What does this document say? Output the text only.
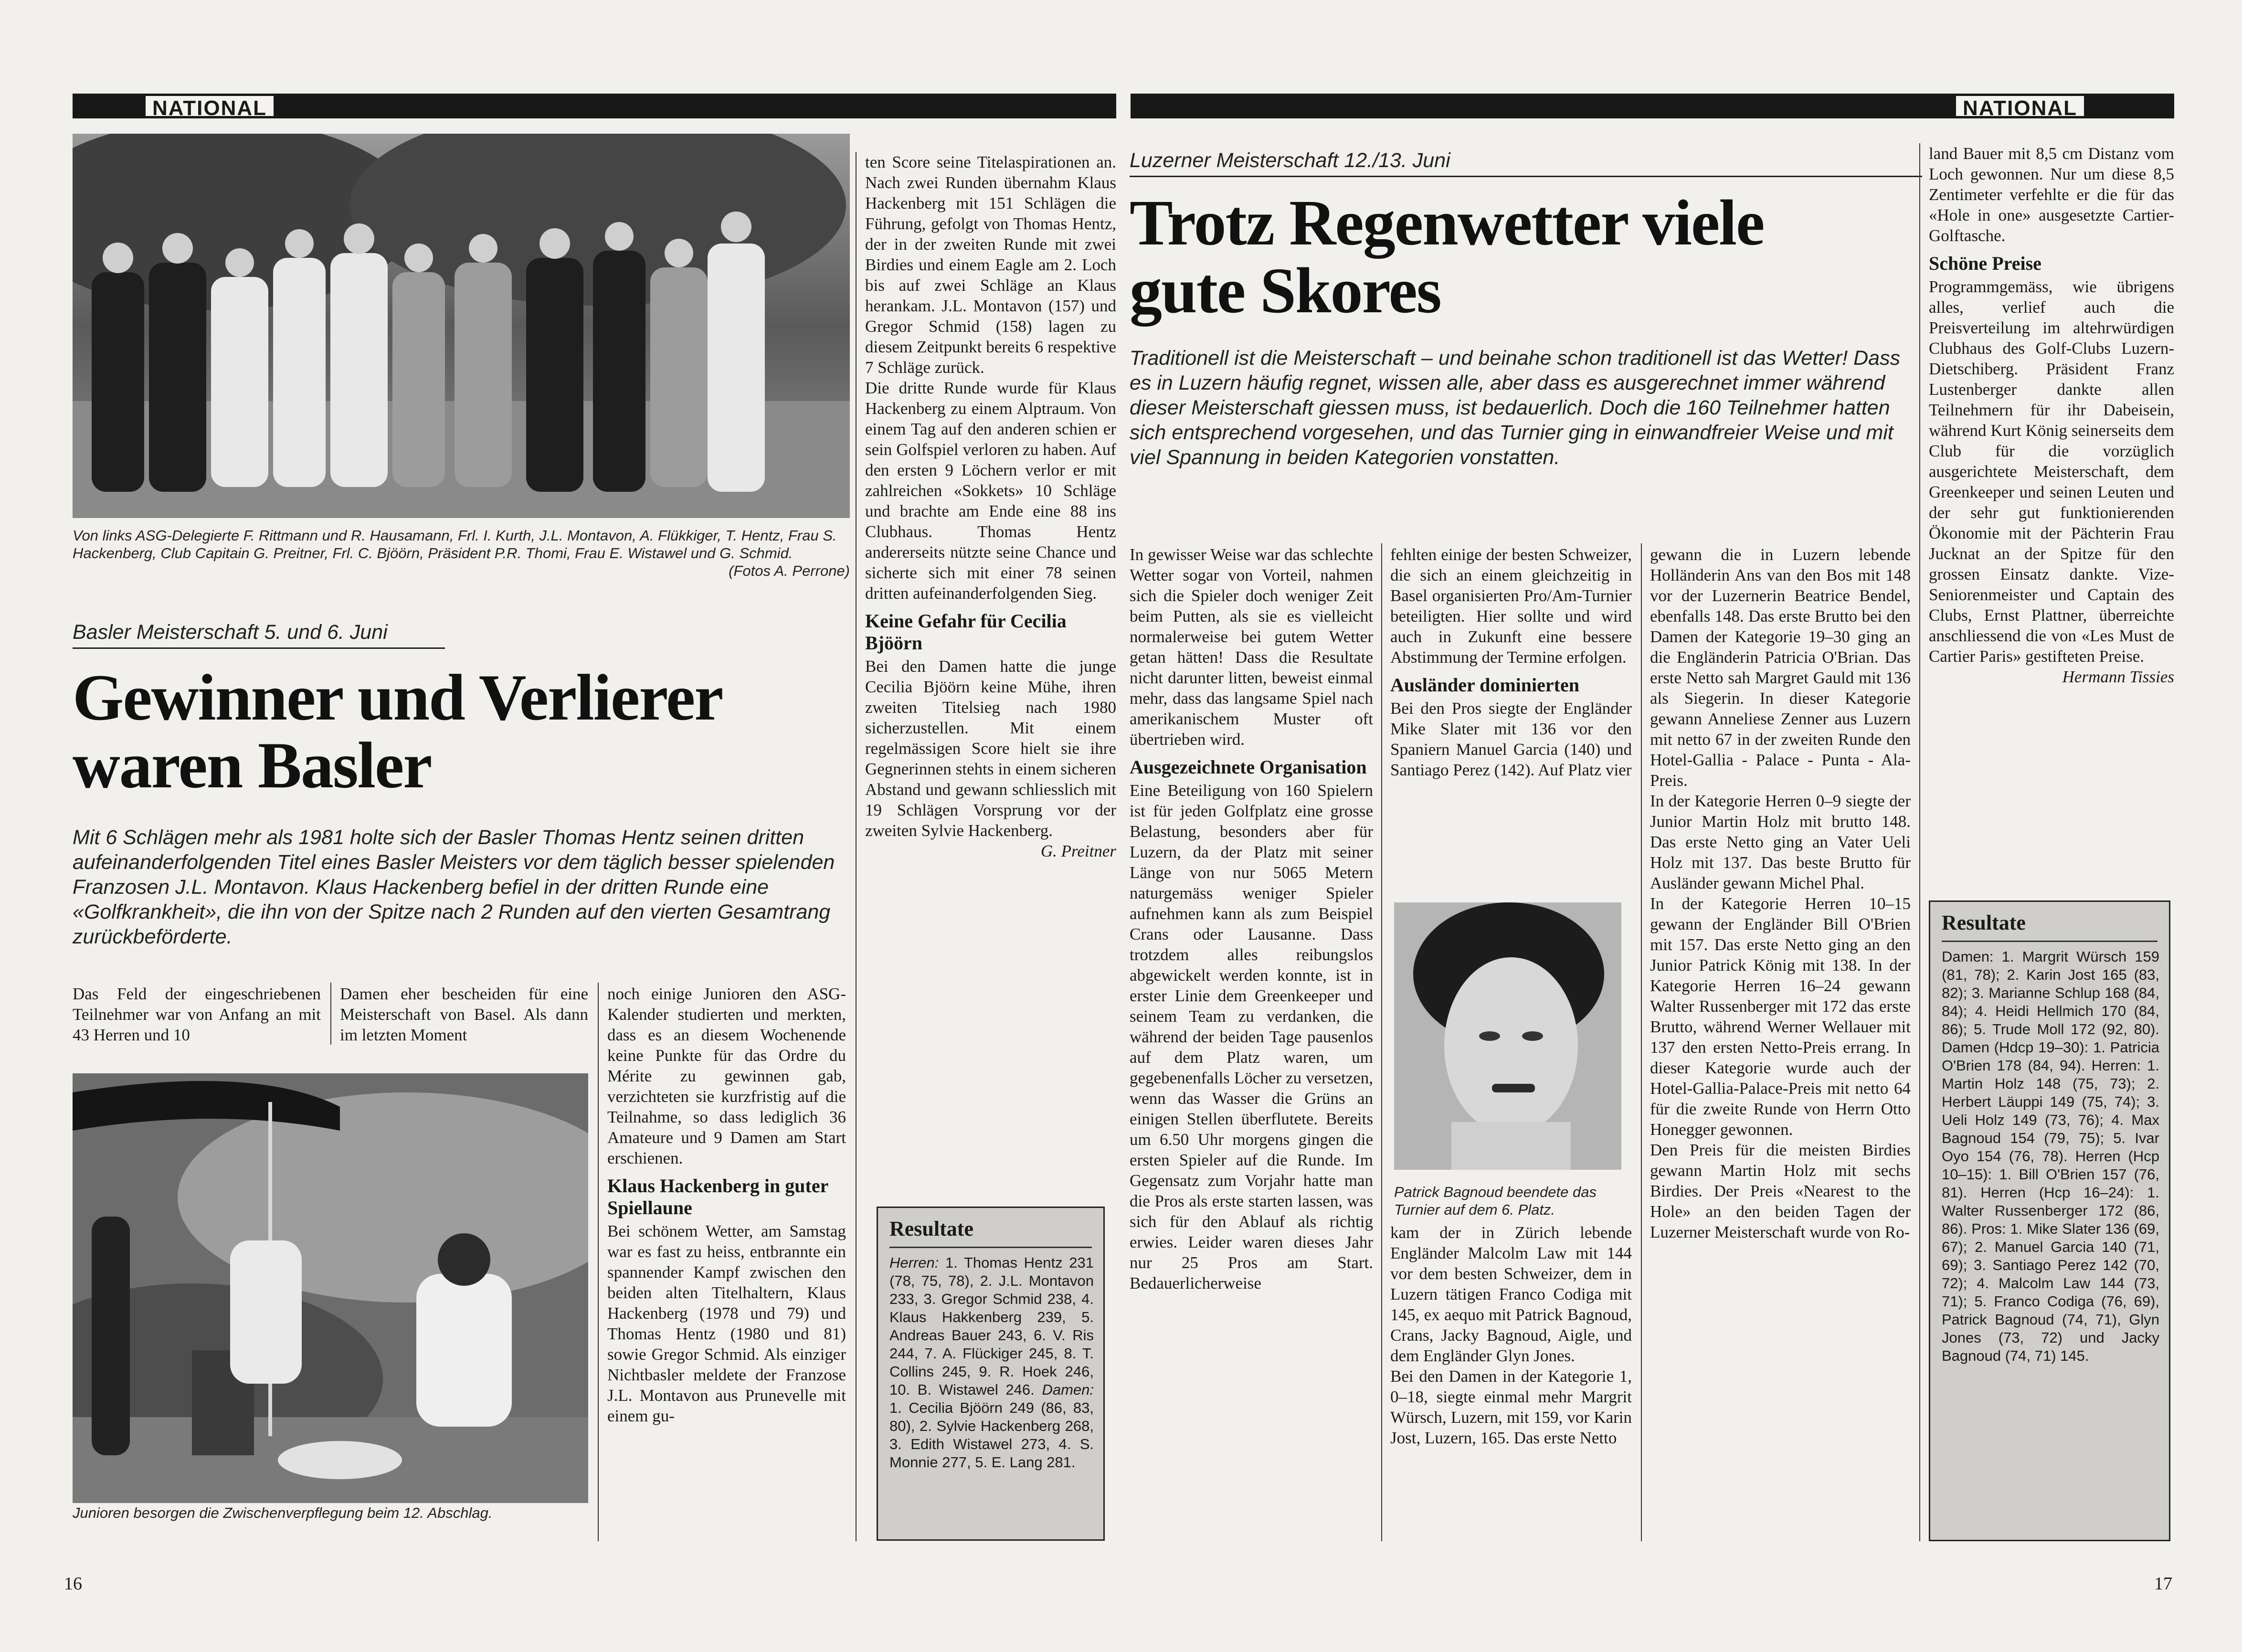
NATIONAL	NATIONAL
Von links ASG-Delegierte F. Rittmann und R. Hausamann, Frl. I. Kurth, J.L. Montavon, A. Flükkiger, T. Hentz, Frau S. Hackenberg, Club Capitain G. Preitner, Frl. C. Bjöörn, Präsident P.R. Thomi, Frau E. Wistawel und G. Schmid.
(Fotos A. Perrone)
Basler Meisterschaft 5. und 6. Juni
Gewinner und Verlierer
waren Basler
Mit 6 Schlägen mehr als 1981 holte sich der Basler Thomas Hentz seinen dritten aufeinanderfolgenden Titel eines Basler Meisters vor dem täglich besser spielenden Franzosen J.L. Montavon. Klaus Hackenberg befiel in der dritten Runde eine «Golfkrankheit», die ihn von der Spitze nach 2 Runden auf den vierten Gesamtrang zurückbeförderte.
Das Feld der eingeschriebenen Teilnehmer war von Anfang an mit 43 Herren und 10
Damen eher bescheiden für eine Meisterschaft von Basel. Als dann im letzten Moment
Junioren besorgen die Zwischenverpflegung beim 12. Abschlag.

noch einige Junioren den ASG-Kalender studierten und merkten, dass es an diesem Wochenende keine Punkte für das Ordre du Mérite zu gewinnen gab, verzichteten sie kurzfristig auf die Teilnahme, so dass lediglich 36 Amateure und 9 Damen am Start erschienen.

Klaus Hackenberg in guter Spiellaune

Bei schönem Wetter, am Samstag war es fast zu heiss, entbrannte ein spannender Kampf zwischen den beiden alten Titelhaltern, Klaus Hackenberg (1978 und 79) und Thomas Hentz (1980 und 81) sowie Gregor Schmid. Als einziger Nichtbasler meldete der Franzose J.L. Montavon aus Prunevelle mit einem gu-

ten Score seine Titelaspirationen an. Nach zwei Runden übernahm Klaus Hackenberg mit 151 Schlägen die Führung, gefolgt von Thomas Hentz, der in der zweiten Runde mit zwei Birdies und einem Eagle am 2. Loch bis auf zwei Schläge an Klaus herankam. J.L. Montavon (157) und Gregor Schmid (158) lagen zu diesem Zeitpunkt bereits 6 respektive 7 Schläge zurück.

Die dritte Runde wurde für Klaus Hackenberg zu einem Alptraum. Von einem Tag auf den anderen schien er sein Golfspiel verloren zu haben. Auf den ersten 9 Löchern verlor er mit zahlreichen «Sokkets» 10 Schläge und brachte am Ende eine 88 ins Clubhaus. Thomas Hentz andererseits nützte seine Chance und sicherte sich mit einer 78 seinen dritten aufeinanderfolgenden Sieg.

Keine Gefahr für Cecilia Bjöörn

Bei den Damen hatte die junge Cecilia Bjöörn keine Mühe, ihren zweiten Titelsieg nach 1980 sicherzustellen. Mit einem regelmässigen Score hielt sie ihre Gegnerinnen stehts in einem sicheren Abstand und gewann schliesslich mit 19 Schlägen Vorsprung vor der zweiten Sylvie Hackenberg.

G. Preitner

Resultate
Herren: 1. Thomas Hentz 231 (78, 75, 78), 2. J.L. Montavon 233, 3. Gregor Schmid 238, 4. Klaus Hakkenberg 239, 5. Andreas Bauer 243, 6. V. Ris 244, 7. A. Flückiger 245, 8. T. Collins 245, 9. R. Hoek 246, 10. B. Wistawel 246. Damen: 1. Cecilia Bjöörn 249 (86, 83, 80), 2. Sylvie Hackenberg 268, 3. Edith Wistawel 273, 4. S. Monnie 277, 5. E. Lang 281.
16
Luzerner Meisterschaft 12./13. Juni
Trotz Regenwetter viele
gute Skores
Traditionell ist die Meisterschaft – und beinahe schon traditionell ist das Wetter! Dass es in Luzern häufig regnet, wissen alle, aber dass es ausgerechnet immer während dieser Meisterschaft giessen muss, ist bedauerlich. Doch die 160 Teilnehmer hatten sich entsprechend vorgesehen, und das Turnier ging in einwandfreier Weise und mit viel Spannung in beiden Kategorien vonstatten.

In gewisser Weise war das schlechte Wetter sogar von Vorteil, nahmen sich die Spieler doch weniger Zeit beim Putten, als sie es vielleicht normalerweise bei gutem Wetter getan hätten! Dass die Resultate nicht darunter litten, beweist einmal mehr, dass das langsame Spiel nach amerikanischem Muster oft übertrieben wird.

Ausgezeichnete Organisation

Eine Beteiligung von 160 Spielern ist für jeden Golfplatz eine grosse Belastung, besonders aber für Luzern, da der Platz mit seiner Länge von nur 5065 Metern naturgemäss weniger Spieler aufnehmen kann als zum Beispiel Crans oder Lausanne. Dass trotzdem alles reibungslos abgewickelt werden konnte, ist in erster Linie dem Greenkeeper und seinem Team zu verdanken, die während der beiden Tage pausenlos auf dem Platz waren, um gegebenenfalls Löcher zu versetzen, wenn das Wasser die Grüns an einigen Stellen überflutete. Bereits um 6.50 Uhr morgens gingen die ersten Spieler auf die Runde. Im Gegensatz zum Vorjahr hatte man die Pros als erste starten lassen, was sich für den Ablauf als richtig erwies. Leider waren dieses Jahr nur 25 Pros am Start. Bedauerlicherweise

fehlten einige der besten Schweizer, die sich an einem gleichzeitig in Basel organisierten Pro/Am-Turnier beteiligten. Hier sollte und wird auch in Zukunft eine bessere Abstimmung der Termine erfolgen.

Ausländer dominierten

Bei den Pros siegte der Engländer Mike Slater mit 136 vor den Spaniern Manuel Garcia (140) und Santiago Perez (142). Auf Platz vier

Patrick Bagnoud beendete das Turnier auf dem 6. Platz.

kam der in Zürich lebende Engländer Malcolm Law mit 144 vor dem besten Schweizer, dem in Luzern tätigen Franco Codiga mit 145, ex aequo mit Patrick Bagnoud, Crans, Jacky Bagnoud, Aigle, und dem Engländer Glyn Jones.

Bei den Damen in der Kategorie 1, 0–18, siegte einmal mehr Margrit Würsch, Luzern, mit 159, vor Karin Jost, Luzern, 165. Das erste Netto

gewann die in Luzern lebende Holländerin Ans van den Bos mit 148 vor der Luzernerin Beatrice Bendel, ebenfalls 148. Das erste Brutto bei den Damen der Kategorie 19–30 ging an die Engländerin Patricia O'Brian. Das erste Netto sah Margret Gauld mit 136 als Siegerin. In dieser Kategorie gewann Anneliese Zenner aus Luzern mit netto 67 in der zweiten Runde den Hotel-Gallia - Palace - Punta - Ala-Preis.

In der Kategorie Herren 0–9 siegte der Junior Martin Holz mit brutto 148. Das erste Netto ging an Vater Ueli Holz mit 137. Das beste Brutto für Ausländer gewann Michel Phal.

In der Kategorie Herren 10–15 gewann der Engländer Bill O'Brien mit 157. Das erste Netto ging an den Junior Patrick König mit 138. In der Kategorie Herren 16–24 gewann Walter Russenberger mit 172 das erste Brutto, während Werner Wellauer mit 137 den ersten Netto-Preis errang. In dieser Kategorie wurde auch der Hotel-Gallia-Palace-Preis mit netto 64 für die zweite Runde von Herrn Otto Honegger gewonnen.

Den Preis für die meisten Birdies gewann Martin Holz mit sechs Birdies. Der Preis «Nearest to the Hole» an den beiden Tagen der Luzerner Meisterschaft wurde von Ro-

land Bauer mit 8,5 cm Distanz vom Loch gewonnen. Nur um diese 8,5 Zentimeter verfehlte er die für das «Hole in one» ausgesetzte Cartier-Golftasche.

Schöne Preise

Programmgemäss, wie übrigens alles, verlief auch die Preisverteilung im altehrwürdigen Clubhaus des Golf-Clubs Luzern-Dietschiberg. Präsident Franz Lustenberger dankte allen Teilnehmern für ihr Dabeisein, während Kurt König seinerseits dem Club für die vorzüglich ausgerichtete Meisterschaft, dem Greenkeeper und seinen Leuten und der sehr gut funktionierenden Ökonomie mit der Pächterin Frau Jucknat an der Spitze für den grossen Einsatz dankte. Vize-Seniorenmeister und Captain des Clubs, Ernst Plattner, überreichte anschliessend die von «Les Must de Cartier Paris» gestifteten Preise.

Hermann Tissies

Resultate
Damen: 1. Margrit Würsch 159 (81, 78); 2. Karin Jost 165 (83, 82); 3. Marianne Schlup 168 (84, 84); 4. Heidi Hellmich 170 (84, 86); 5. Trude Moll 172 (92, 80). Damen (Hdcp 19–30): 1. Patricia O'Brien 178 (84, 94). Herren: 1. Martin Holz 148 (75, 73); 2. Herbert Läuppi 149 (75, 74); 3. Ueli Holz 149 (73, 76); 4. Max Bagnoud 154 (79, 75); 5. Ivar Oyo 154 (76, 78). Herren (Hcp 10–15): 1. Bill O'Brien 157 (76, 81). Herren (Hcp 16–24): 1. Walter Russenberger 172 (86, 86). Pros: 1. Mike Slater 136 (69, 67); 2. Manuel Garcia 140 (71, 69); 3. Santiago Perez 142 (70, 72); 4. Malcolm Law 144 (73, 71); 5. Franco Codiga (76, 69), Patrick Bagnoud (74, 71), Glyn Jones (73, 72) und Jacky Bagnoud (74, 71) 145.
17
